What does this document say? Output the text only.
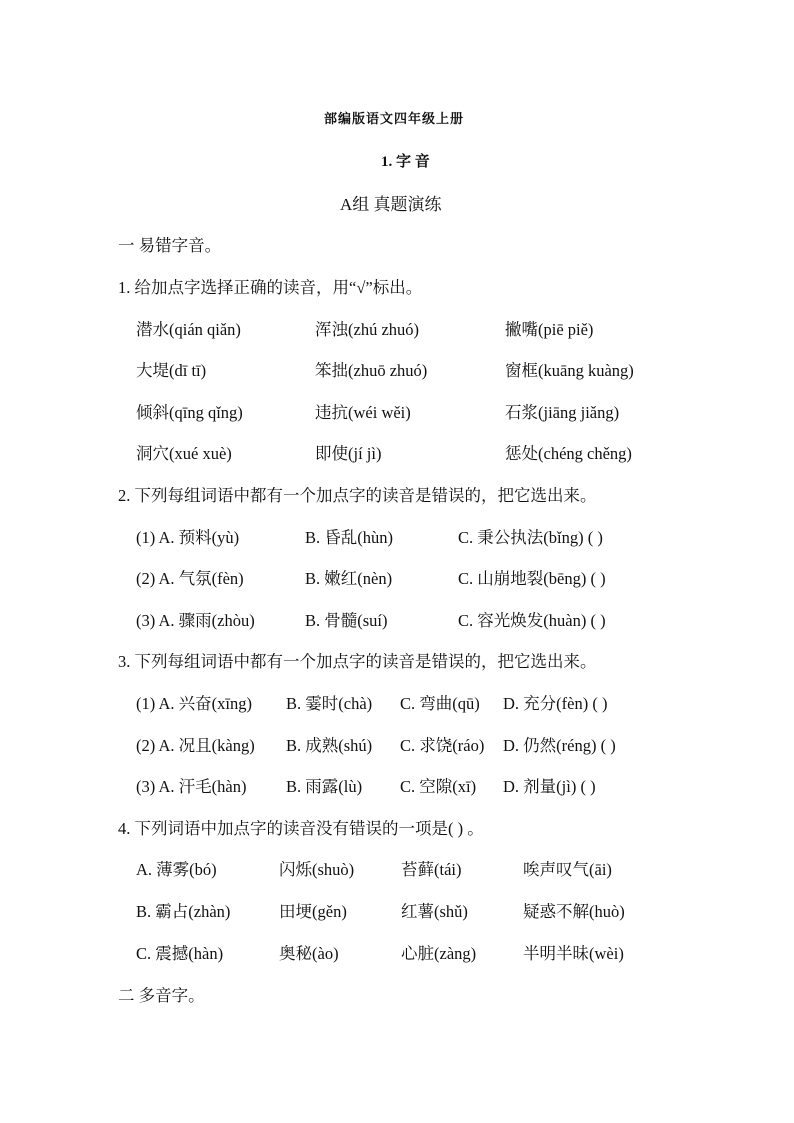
部编版语文四年级上册
1. 字 音
A组 真题演练
一 易错字音。
1. 给加点字选择正确的读音，用“√”标出。
潜水(qián qiǎn)	浑浊(zhú zhuó)	撇嘴(piē piě)
大堤(dī tī)	笨拙(zhuō zhuó)	窗框(kuāng kuàng)
倾斜(qīng qǐng)	违抗(wéi wěi)	石浆(jiāng jiǎng)
洞穴(xué xuè)	即使(jí jì)	惩处(chéng chěng)
2. 下列每组词语中都有一个加点字的读音是错误的，把它选出来。
(1) A. 预料(yù)	B. 昏乱(hùn)	C. 秉公执法(bǐng) ( )
(2) A. 气氛(fèn)	B. 嫩红(nèn)	C. 山崩地裂(bēng) ( )
(3) A. 骤雨(zhòu)	B. 骨髓(suí)	C. 容光焕发(huàn) ( )
3. 下列每组词语中都有一个加点字的读音是错误的，把它选出来。
(1) A. 兴奋(xīng) B. 霎时(chà) C. 弯曲(qū) D. 充分(fèn) ( )
(2) A. 况且(kàng) B. 成熟(shú) C. 求饶(ráo) D. 仍然(réng) ( )
(3) A. 汗毛(hàn) B. 雨露(lù) C. 空隙(xī) D. 剂量(jì) ( )
4. 下列词语中加点字的读音没有错误的一项是( ) 。
A. 薄雾(bó)	闪烁(shuò)	苔藓(tái)	唉声叹气(āi)
B. 霸占(zhàn)	田埂(gěn)	红薯(shǔ)	疑惑不解(huò)
C. 震撼(hàn)	奥秘(ào)	心脏(zàng)	半明半昧(wèi)
二 多音字。
